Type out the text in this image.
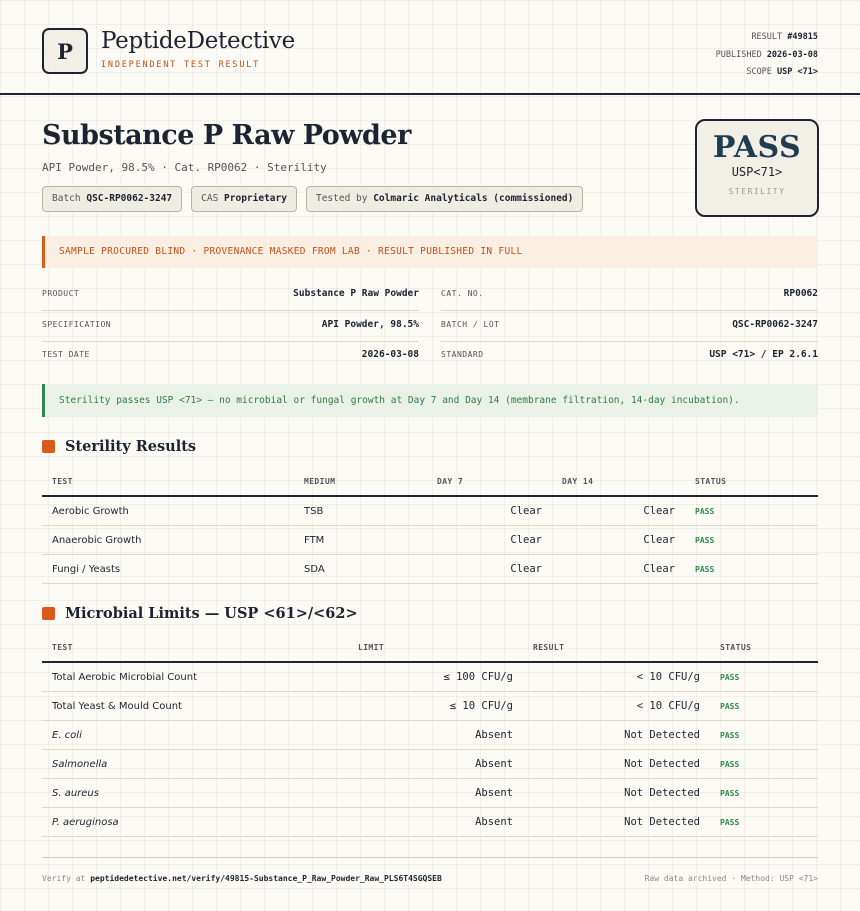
P	PeptideDetective
INDEPENDENT TEST RESULT
RESULT #49815
PUBLISHED 2026-03-08
SCOPE USP <71>
Substance P Raw Powder
API Powder, 98.5% · Cat. RP0062 · Sterility
Batch QSC-RP0062-3247	CAS Proprietary	Tested by Colmaric Analyticals (commissioned)
PASS
USP<71>
STERILITY
SAMPLE PROCURED BLIND · PROVENANCE MASKED FROM LAB · RESULT PUBLISHED IN FULL
PRODUCT	Substance P Raw Powder	CAT. NO.	RP0062
SPECIFICATION	API Powder, 98.5%	BATCH / LOT	QSC-RP0062-3247
TEST DATE	2026-03-08	STANDARD	USP <71> / EP 2.6.1
Sterility passes USP <71> — no microbial or fungal growth at Day 7 and Day 14 (membrane filtration, 14-day incubation).
Sterility Results
TEST	MEDIUM	DAY 7	DAY 14	STATUS
Aerobic Growth	TSB	Clear	Clear	PASS
Anaerobic Growth	FTM	Clear	Clear	PASS
Fungi / Yeasts	SDA	Clear	Clear	PASS
Microbial Limits — USP <61>/<62>
TEST	LIMIT	RESULT	STATUS
Total Aerobic Microbial Count	≤ 100 CFU/g	< 10 CFU/g	PASS
Total Yeast & Mould Count	≤ 10 CFU/g	< 10 CFU/g	PASS
E. coli	Absent	Not Detected	PASS
Salmonella	Absent	Not Detected	PASS
S. aureus	Absent	Not Detected	PASS
P. aeruginosa	Absent	Not Detected	PASS
Verify at peptidedetective.net/verify/49815-Substance_P_Raw_Powder_Raw_PLS6T4SGQSEB	Raw data archived · Method: USP <71>
